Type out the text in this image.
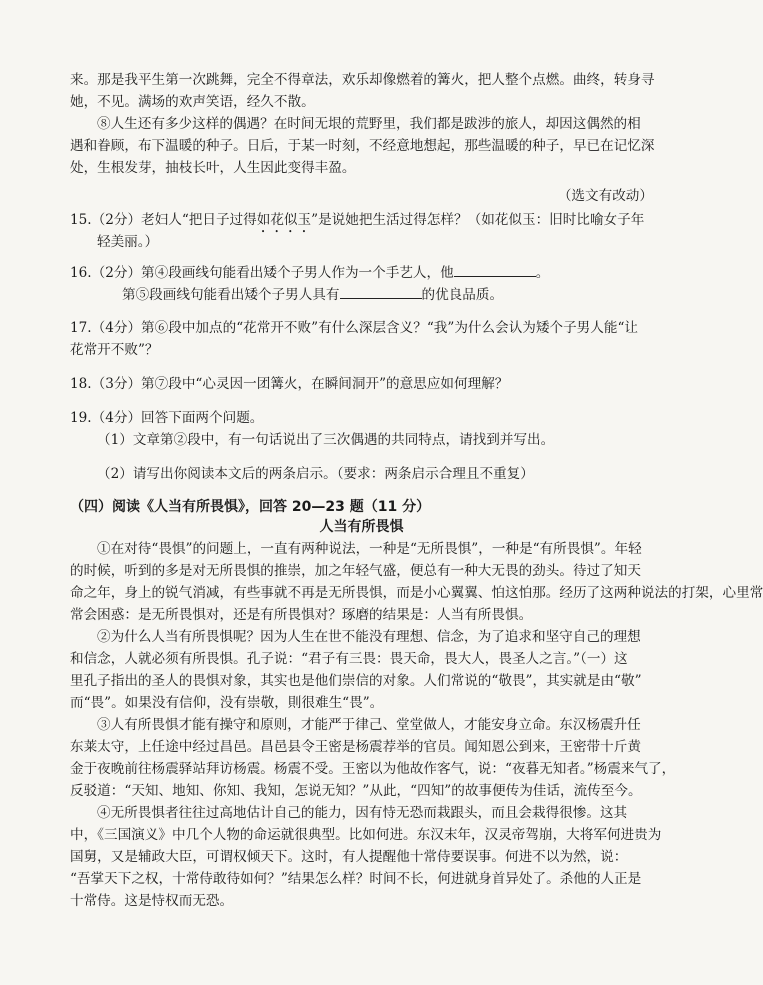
来。那是我平生第一次跳舞，完全不得章法，欢乐却像燃着的篝火，把人整个点燃。曲终，转身寻
她，不见。满场的欢声笑语，经久不散。
⑧人生还有多少这样的偶遇？在时间无垠的荒野里，我们都是跋涉的旅人，却因这偶然的相
遇和眷顾，布下温暖的种子。日后，于某一时刻，不经意地想起，那些温暖的种子，早已在记忆深
处，生根发芽，抽枝长叶，人生因此变得丰盈。
（选文有改动）
15.（2分）老妇人“把日子过得如花似玉”是说她把生活过得怎样？（如花似玉：旧时比喻女子年
轻美丽。）
16.（2分）第④段画线句能看出矮个子男人作为一个手艺人，他	。
第⑤段画线句能看出矮个子男人具有	的优良品质。
17.（4分）第⑥段中加点的“花常开不败”有什么深层含义？“我”为什么会认为矮个子男人能“让
花常开不败”？
18.（3分）第⑦段中“心灵因一团篝火，在瞬间洞开”的意思应如何理解？
19.（4分）回答下面两个问题。
（1）文章第②段中，有一句话说出了三次偶遇的共同特点，请找到并写出。
（2）请写出你阅读本文后的两条启示。（要求：两条启示合理且不重复）
（四）阅读《人当有所畏惧》，回答 20—23 题（11 分）
人当有所畏惧
①在对待“畏惧”的问题上，一直有两种说法，一种是“无所畏惧”，一种是“有所畏惧”。年轻
的时候，听到的多是对无所畏惧的推崇，加之年轻气盛，便总有一种大无畏的劲头。待过了知天
命之年，身上的锐气消减，有些事就不再是无所畏惧，而是小心翼翼、怕这怕那。经历了这两种说法的打架，心里常
常会困惑：是无所畏惧对，还是有所畏惧对？琢磨的结果是：人当有所畏惧。
②为什么人当有所畏惧呢？因为人生在世不能没有理想、信念，为了追求和坚守自己的理想
和信念，人就必须有所畏惧。孔子说：“君子有三畏：畏天命，畏大人，畏圣人之言。”（一）这
里孔子指出的圣人的畏惧对象，其实也是他们崇信的对象。人们常说的“敬畏”，其实就是由“敬”
而“畏”。如果没有信仰，没有崇敬，則很难生“畏”。
③人有所畏惧才能有操守和原则，才能严于律己、堂堂做人，才能安身立命。东汉杨震升任
东莱太守，上任途中经过昌邑。昌邑县令王密是杨震荐举的官员。闻知恩公到来，王密带十斤黄
金于夜晚前往杨震驿站拜访杨震。杨震不受。王密以为他故作客气，说：“夜暮无知者。”杨震来气了，
反驳道：“天知、地知、你知、我知，怎说无知？”从此，“四知”的故事便传为佳话，流传至今。
④无所畏惧者往往过高地估计自己的能力，因有恃无恐而栽跟头，而且会栽得很惨。这其
中，《三国演义》中几个人物的命运就很典型。比如何进。东汉末年，汉灵帝驾崩，大将军何进贵为
国舅，又是辅政大臣，可谓权倾天下。这时，有人提醒他十常侍要误事。何进不以为然，说：
“吾掌天下之权，十常侍敢待如何？”结果怎么样？时间不长，何进就身首异处了。杀他的人正是
十常侍。这是恃权而无恐。
